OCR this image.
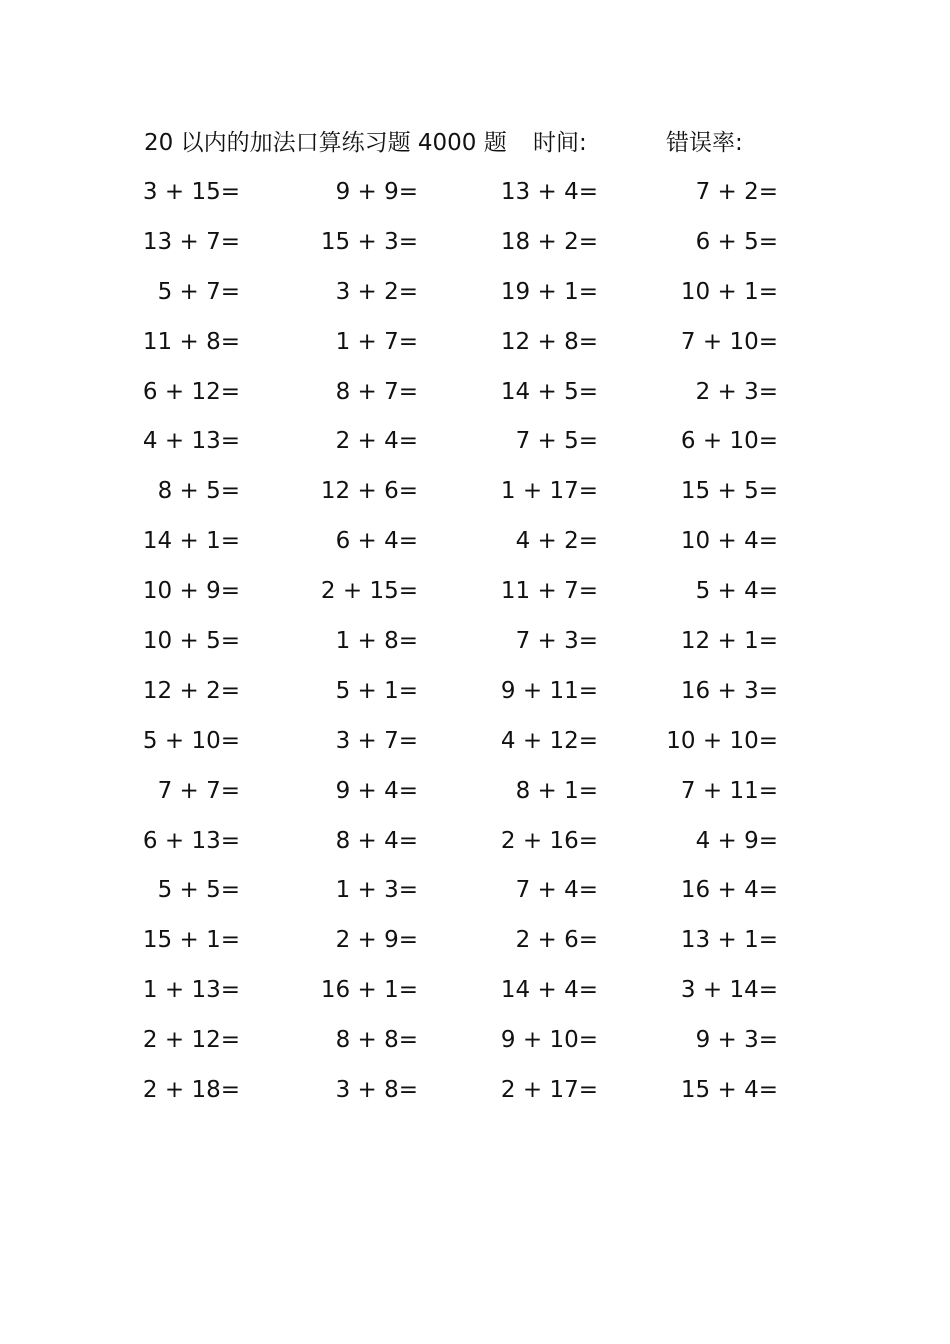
20 以内的加法口算练习题 4000 题 时间:	错误率:
3 + 15=	9 + 9=	13 + 4=	7 + 2=
13 + 7=	15 + 3=	18 + 2=	6 + 5=
5 + 7=	3 + 2=	19 + 1=	10 + 1=
11 + 8=	1 + 7=	12 + 8=	7 + 10=
6 + 12=	8 + 7=	14 + 5=	2 + 3=
4 + 13=	2 + 4=	7 + 5=	6 + 10=
8 + 5=	12 + 6=	1 + 17=	15 + 5=
14 + 1=	6 + 4=	4 + 2=	10 + 4=
10 + 9=	2 + 15=	11 + 7=	5 + 4=
10 + 5=	1 + 8=	7 + 3=	12 + 1=
12 + 2=	5 + 1=	9 + 11=	16 + 3=
5 + 10=	3 + 7=	4 + 12=	10 + 10=
7 + 7=	9 + 4=	8 + 1=	7 + 11=
6 + 13=	8 + 4=	2 + 16=	4 + 9=
5 + 5=	1 + 3=	7 + 4=	16 + 4=
15 + 1=	2 + 9=	2 + 6=	13 + 1=
1 + 13=	16 + 1=	14 + 4=	3 + 14=
2 + 12=	8 + 8=	9 + 10=	9 + 3=
2 + 18=	3 + 8=	2 + 17=	15 + 4=
